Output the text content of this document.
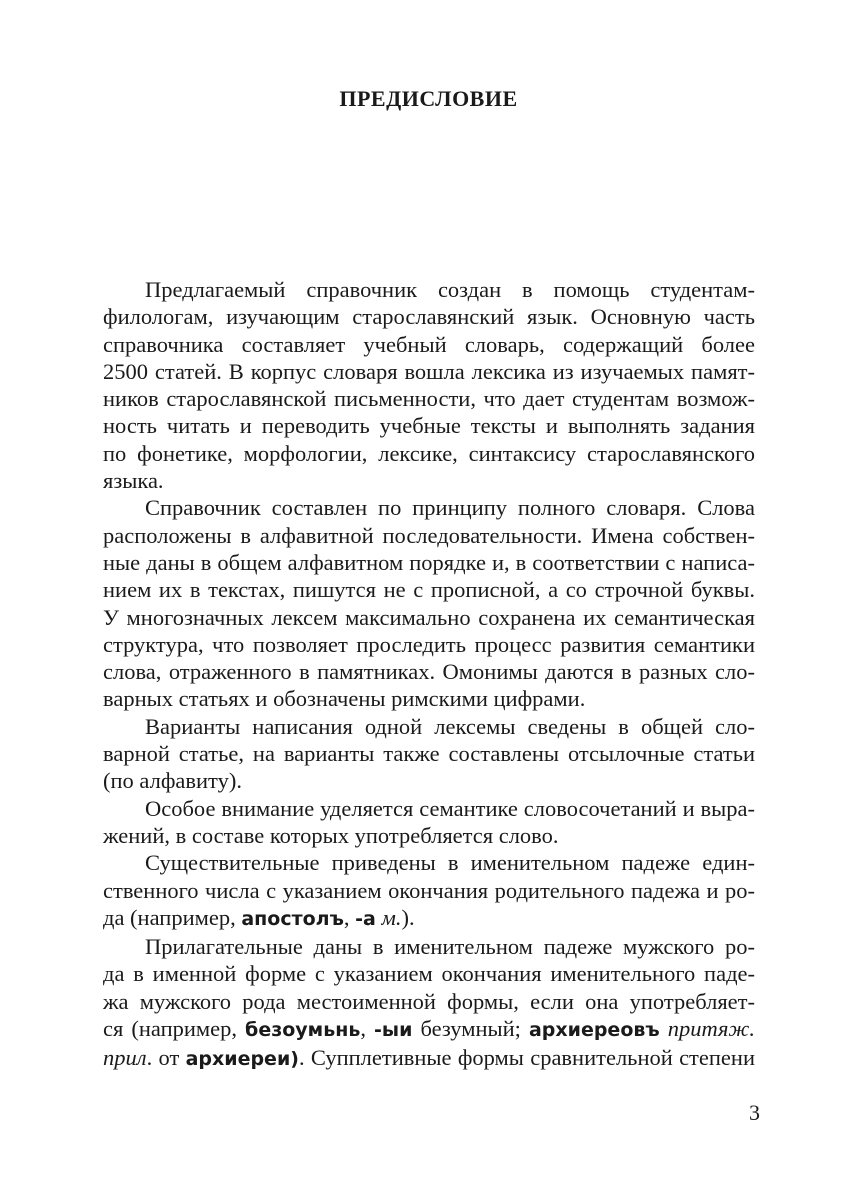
ПРЕДИСЛОВИЕ

Предлагаемый справочник создан в помощь студентам-
филологам, изучающим старославянский язык. Основную часть
справочника составляет учебный словарь, содержащий более
2500 статей. В корпус словаря вошла лексика из изучаемых памят-
ников старославянской письменности, что дает студентам возмож-
ность читать и переводить учебные тексты и выполнять задания
по фонетике, морфологии, лексике, синтаксису старославянского
языка.

Справочник составлен по принципу полного словаря. Слова
расположены в алфавитной последовательности. Имена собствен-
ные даны в общем алфавитном порядке и, в соответствии с написа-
нием их в текстах, пишутся не с прописной, а со строчной буквы.
У многозначных лексем максимально сохранена их семантическая
структура, что позволяет проследить процесс развития семантики
слова, отраженного в памятниках. Омонимы даются в разных сло-
варных статьях и обозначены римскими цифрами.

Варианты написания одной лексемы сведены в общей сло-
варной статье, на варианты также составлены отсылочные статьи
(по алфавиту).

Особое внимание уделяется семантике словосочетаний и выра-
жений, в составе которых употребляется слово.

Существительные приведены в именительном падеже един-
ственного числа с указанием окончания родительного падежа и ро-
да (например, апостолъ, -а м.).

Прилагательные даны в именительном падеже мужского ро-
да в именной форме с указанием окончания именительного паде-
жа мужского рода местоименной формы, если она употребляет-
ся (например, безоумьнь, -ыи безумный; архиереовъ притяж.
прил. от архиереи). Супплетивные формы сравнительной степени

3
